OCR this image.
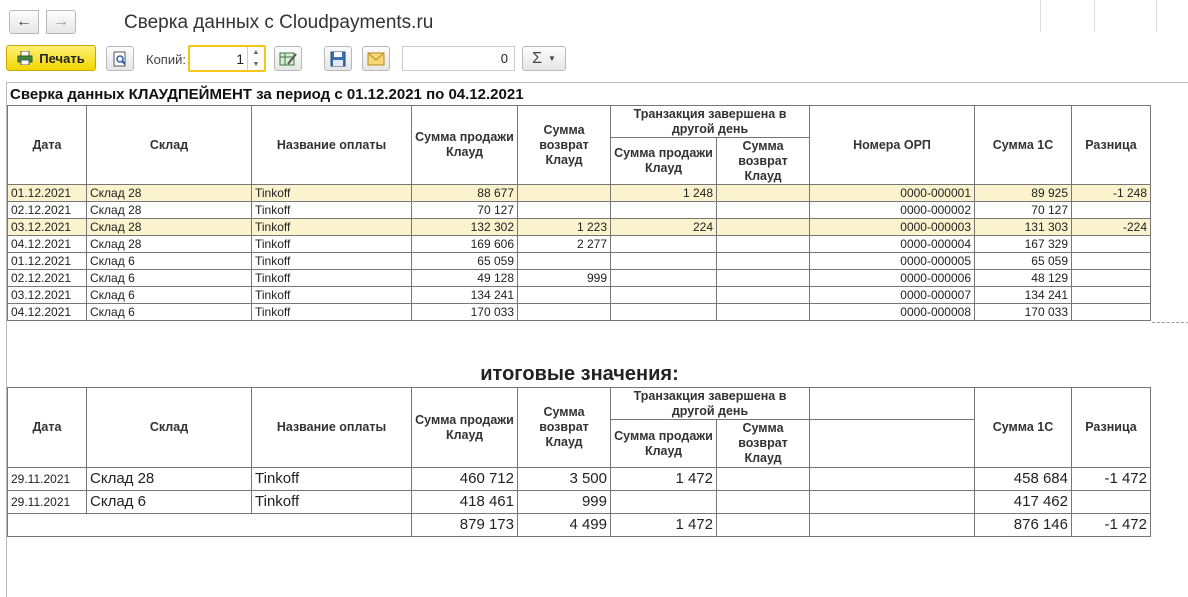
← →	Сверка данных с Cloudpayments.ru
Печать	Копий:	1	▲
▼	0	Σ ▼
Сверка данных КЛАУДПЕЙМЕНТ за период с 01.12.2021 по 04.12.2021
Дата	Склад	Название оплаты	Сумма продажи Клауд	Сумма возврат Клауд	Транзакция завершена в другой день		Номера ОРП	Сумма 1С	Разница
					Сумма продажи Клауд	Сумма возврат Клауд			
01.12.2021	Склад 28	Tinkoff	88 677		1 248		0000-000001	89 925	-1 248
02.12.2021	Склад 28	Tinkoff	70 127				0000-000002	70 127	
03.12.2021	Склад 28	Tinkoff	132 302	1 223	224		0000-000003	131 303	-224
04.12.2021	Склад 28	Tinkoff	169 606	2 277			0000-000004	167 329	
01.12.2021	Склад 6	Tinkoff	65 059				0000-000005	65 059	
02.12.2021	Склад 6	Tinkoff	49 128	999			0000-000006	48 129	
03.12.2021	Склад 6	Tinkoff	134 241				0000-000007	134 241	
04.12.2021	Склад 6	Tinkoff	170 033				0000-000008	170 033	
итоговые значения:
Дата	Склад	Название оплаты	Сумма продажи Клауд	Сумма возврат Клауд	Транзакция завершена в другой день			Сумма 1С	Разница
					Сумма продажи Клауд	Сумма возврат Клауд			
29.11.2021	Склад 28	Tinkoff	460 712	3 500	1 472			458 684	-1 472
29.11.2021	Склад 6	Tinkoff	418 461	999				417 462	
			879 173	4 499	1 472			876 146	-1 472
